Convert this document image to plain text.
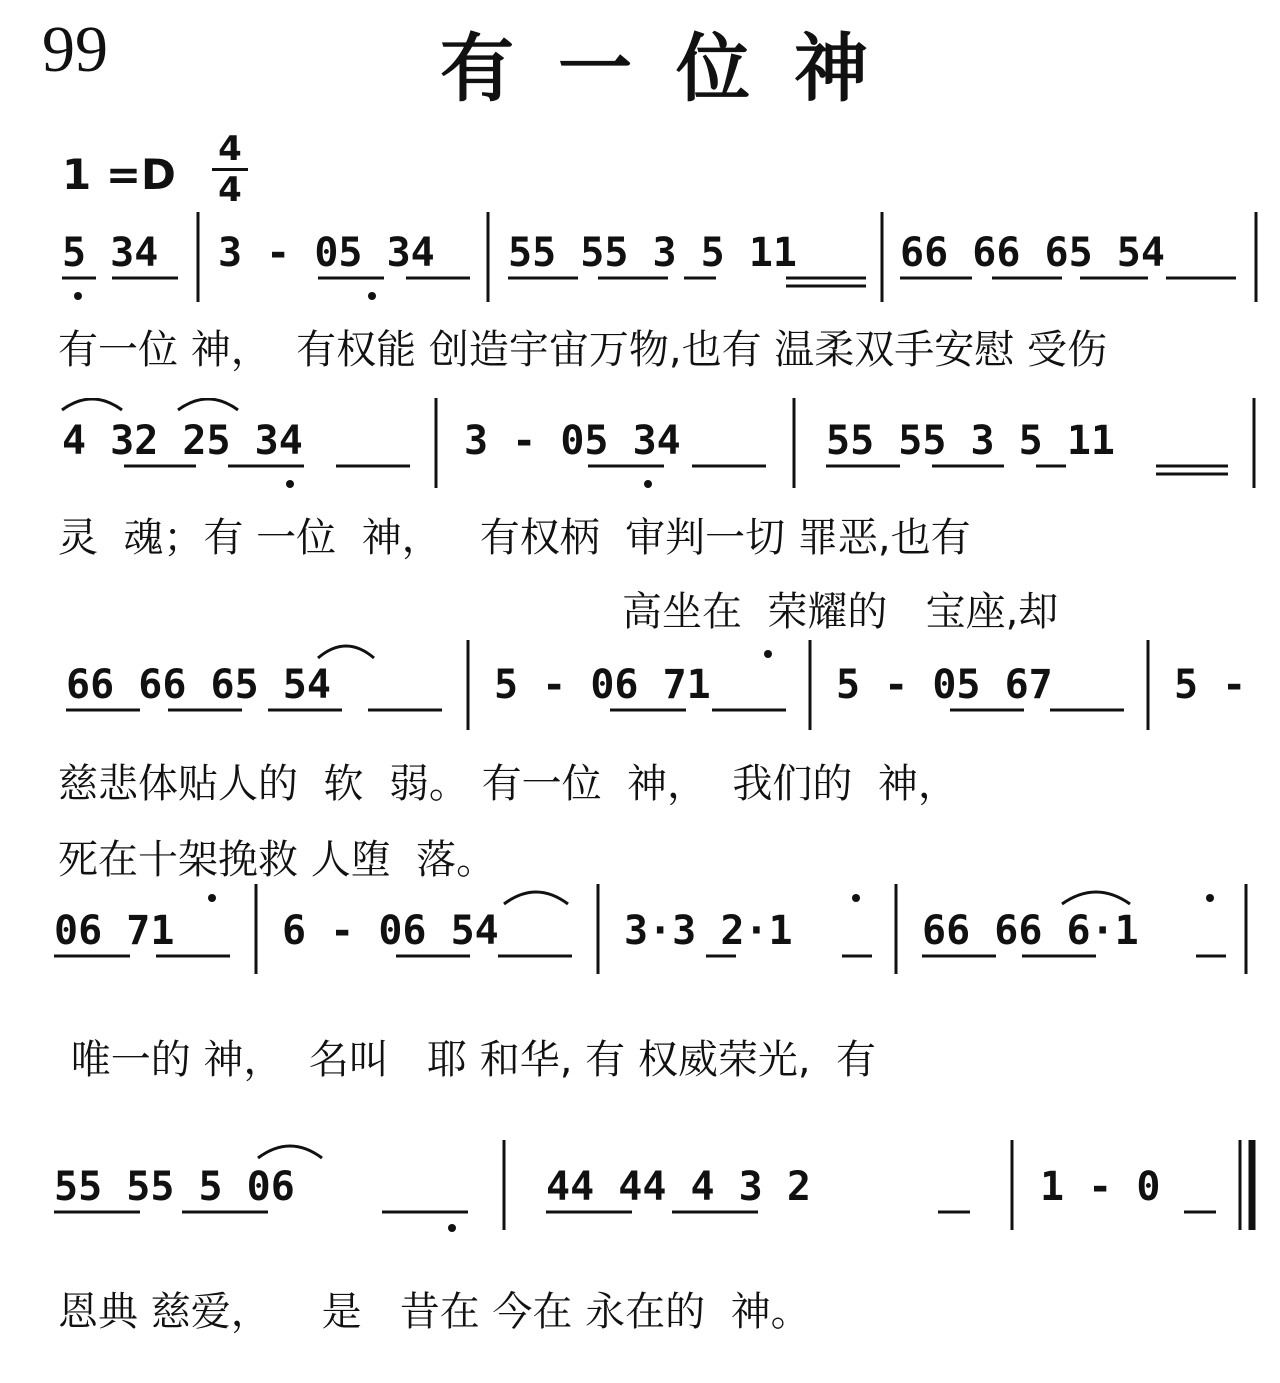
99	有一位神
1 =D
4
4
5 34 3 - 05 34 55 55 3 5 11	66 66 65 54
有一位 神，  有权能 创造宇宙万物,也有 温柔双手安慰 受伤
4 32 25 34	3 - 05 34	55 55 3 5 11
灵  魂；有 一位  神，   有权柄  审判一切 罪恶,也有
高坐在  荣耀的   宝座,却
66 66 65 54	5 - 06 71	5 - 05 67	5 -
慈悲体贴人的  软  弱。 有一位  神，  我们的  神，
死在十架挽救 人堕  落。
06 71	6 - 06 54	3·3 2·1	66 66 6·1
唯一的 神，  名叫   耶 和华, 有 权威荣光,  有
55 55 5 06	44 44 4 3 2	1 - 0
恩典 慈爱，    是   昔在 今在 永在的  神。
